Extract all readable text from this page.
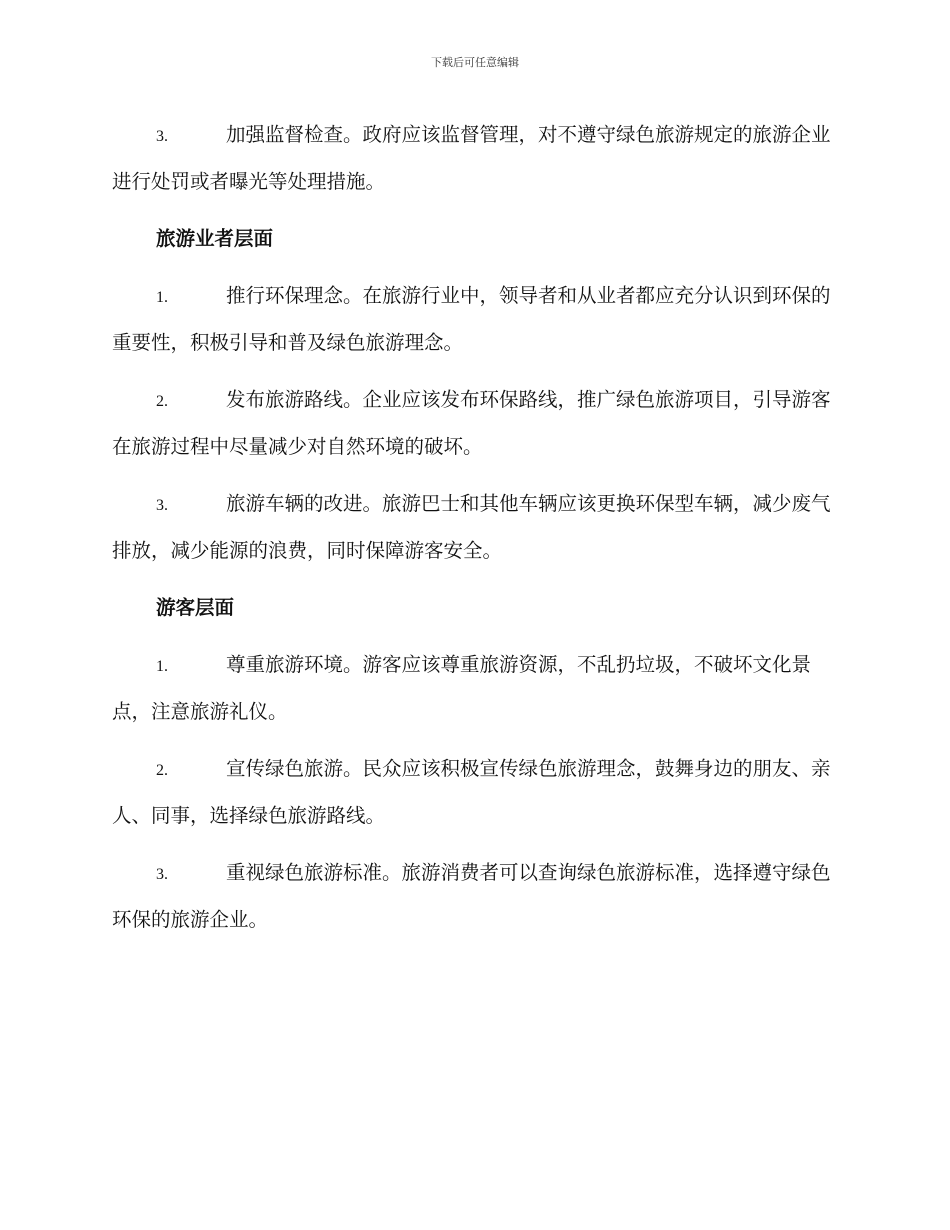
下载后可任意编辑

3.	加强监督检查。政府应该监督管理，对不遵守绿色旅游规定的旅游企业进行处罚或者曝光等处理措施。

旅游业者层面

1.	推行环保理念。在旅游行业中，领导者和从业者都应充分认识到环保的重要性，积极引导和普及绿色旅游理念。

2.	发布旅游路线。企业应该发布环保路线，推广绿色旅游项目，引导游客在旅游过程中尽量减少对自然环境的破坏。

3.	旅游车辆的改进。旅游巴士和其他车辆应该更换环保型车辆，减少废气排放，减少能源的浪费，同时保障游客安全。

游客层面

1.	尊重旅游环境。游客应该尊重旅游资源，不乱扔垃圾，不破坏文化景点，注意旅游礼仪。

2.	宣传绿色旅游。民众应该积极宣传绿色旅游理念，鼓舞身边的朋友、亲人、同事，选择绿色旅游路线。

3.	重视绿色旅游标准。旅游消费者可以查询绿色旅游标准，选择遵守绿色环保的旅游企业。
